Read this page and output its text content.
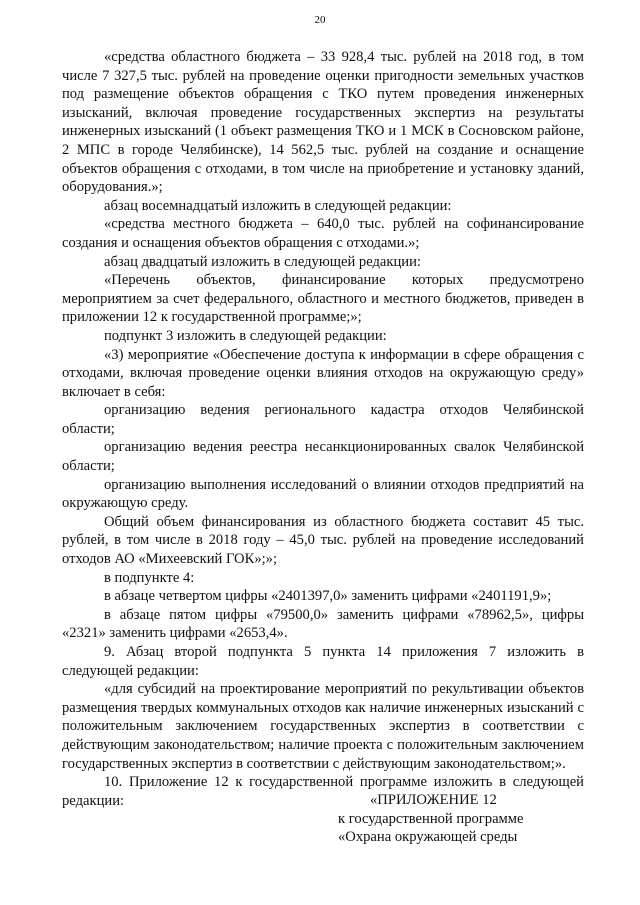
20

«средства областного бюджета – 33 928,4 тыс. рублей на 2018 год, в том числе 7 327,5 тыс. рублей на проведение оценки пригодности земельных участков под размещение объектов обращения с ТКО путем проведения инженерных изысканий, включая проведение государственных экспертиз на результаты инженерных изысканий (1 объект размещения ТКО и 1 МСК в Сосновском районе, 2 МПС в городе Челябинске), 14 562,5 тыс. рублей на создание и оснащение объектов обращения с отходами, в том числе на приобретение и установку зданий, оборудования.»;

абзац восемнадцатый изложить в следующей редакции:

«средства местного бюджета – 640,0 тыс. рублей на софинансирование создания и оснащения объектов обращения с отходами.»;

абзац двадцатый изложить в следующей редакции:

«Перечень объектов, финансирование которых предусмотрено мероприятием за счет федерального, областного и местного бюджетов, приведен в приложении 12 к государственной программе;»;

подпункт 3 изложить в следующей редакции:

«3) мероприятие «Обеспечение доступа к информации в сфере обращения с отходами, включая проведение оценки влияния отходов на окружающую среду» включает в себя:

организацию ведения регионального кадастра отходов Челябинской области;

организацию ведения реестра несанкционированных свалок Челябинской области;

организацию выполнения исследований о влиянии отходов предприятий на окружающую среду.

Общий объем финансирования из областного бюджета составит 45 тыс. рублей, в том числе в 2018 году – 45,0 тыс. рублей на проведение исследований отходов АО «Михеевский ГОК»;»;

в подпункте 4:

в абзаце четвертом цифры «2401397,0» заменить цифрами «2401191,9»;

в абзаце пятом цифры «79500,0» заменить цифрами «78962,5», цифры «2321» заменить цифрами «2653,4».

9. Абзац второй подпункта 5 пункта 14 приложения 7 изложить в следующей редакции:

«для субсидий на проектирование мероприятий по рекультивации объектов размещения твердых коммунальных отходов как наличие инженерных изысканий с положительным заключением государственных экспертиз в соответствии с действующим законодательством; наличие проекта с положительным заключением государственных экспертиз в соответствии с действующим законодательством;».

10. Приложение 12 к государственной программе изложить в следующей редакции:	«ПРИЛОЖЕНИЕ 12
к государственной программе
«Охрана окружающей среды
